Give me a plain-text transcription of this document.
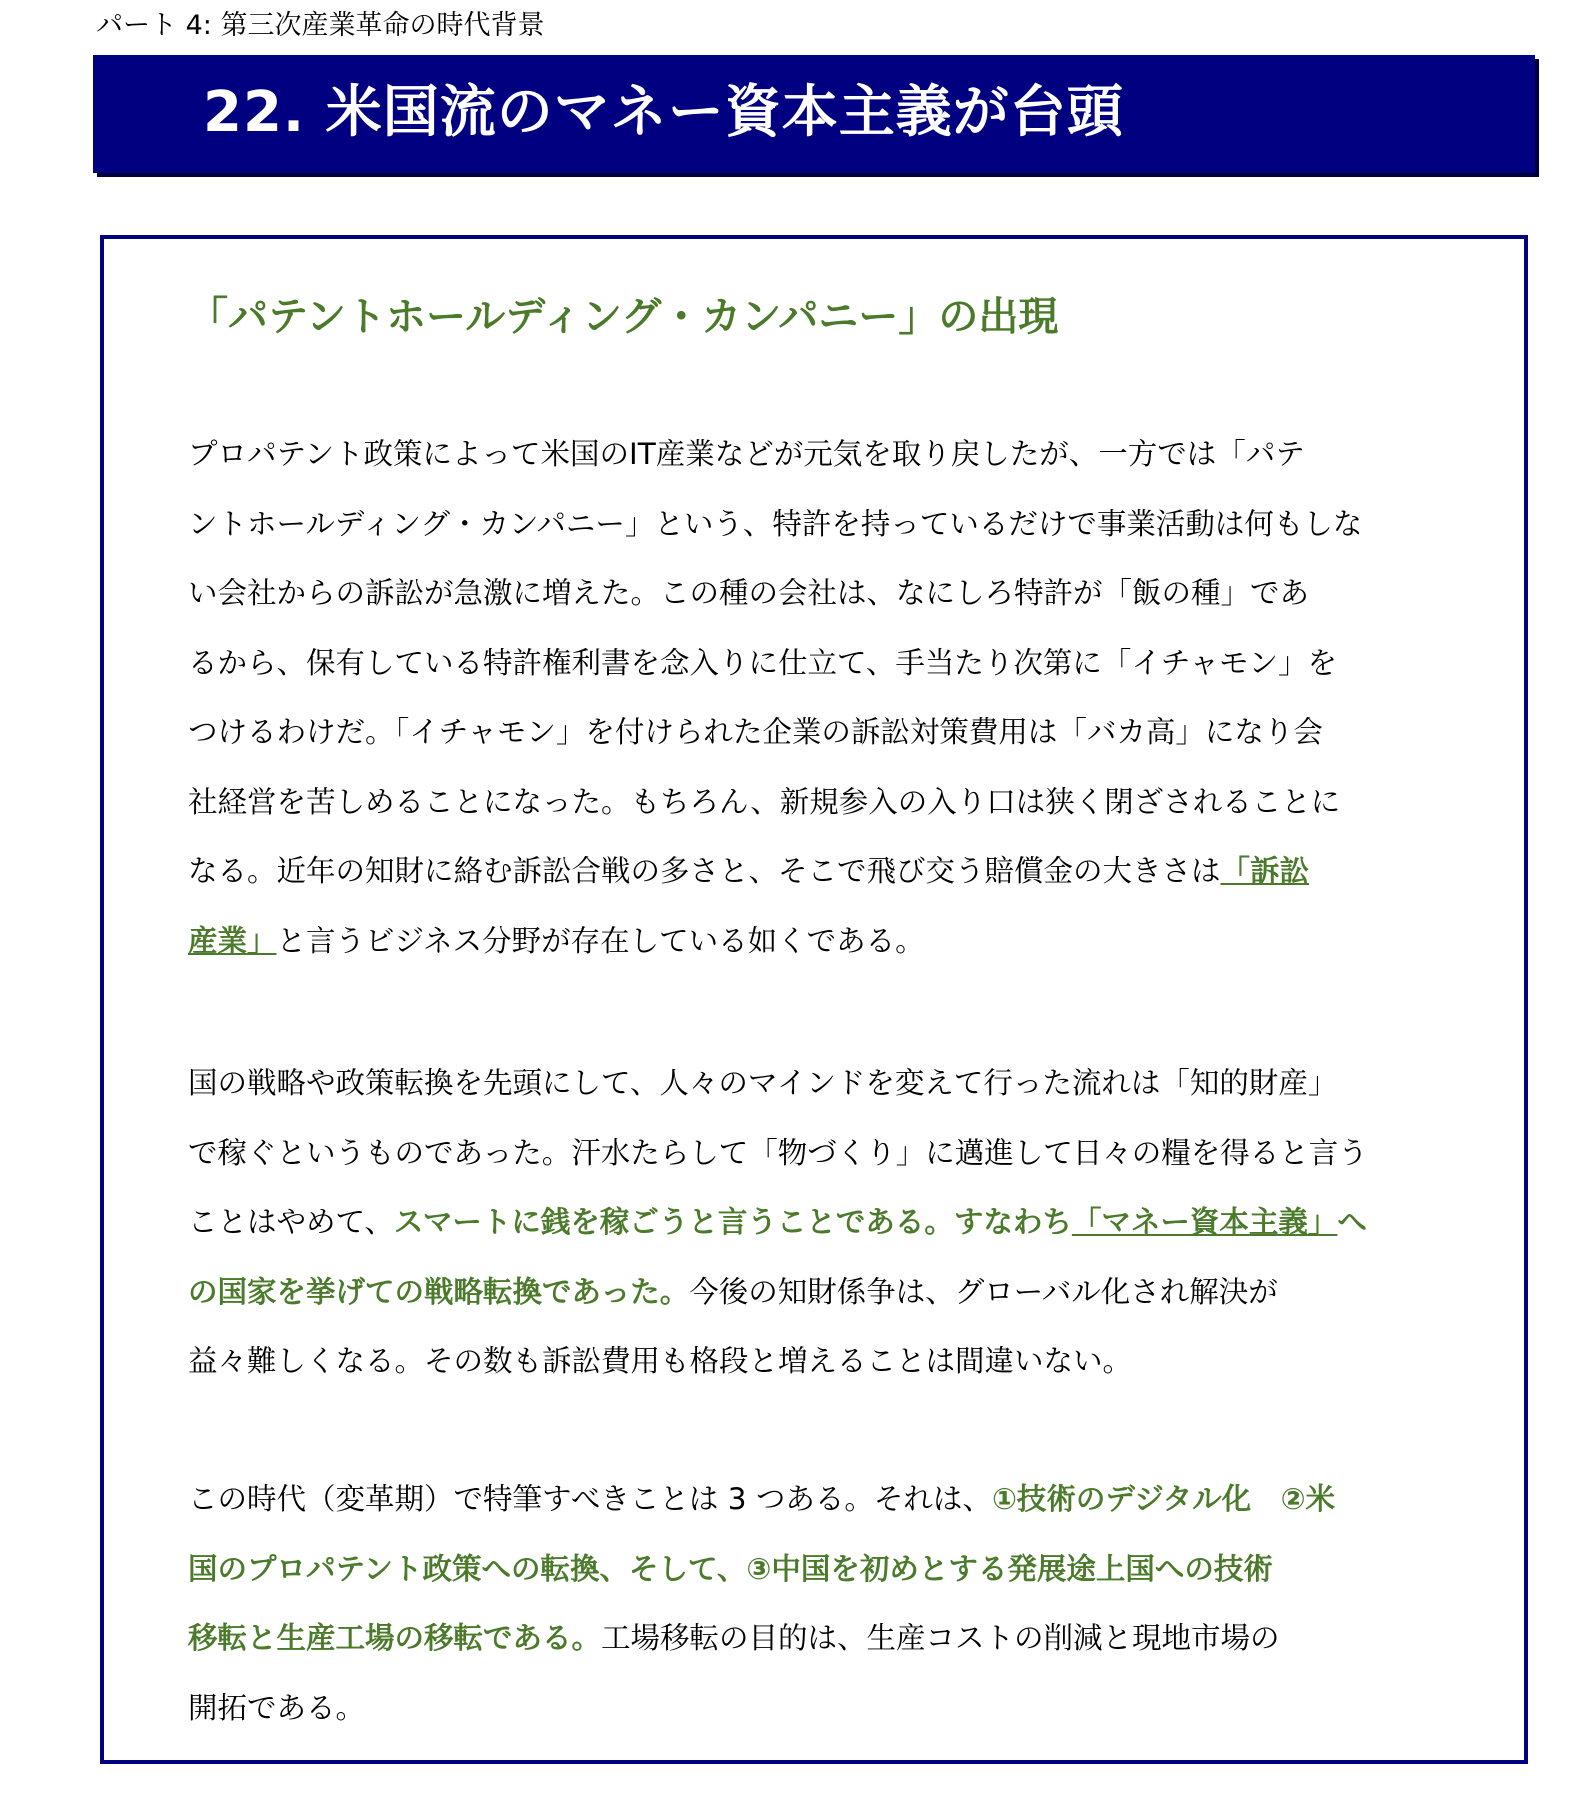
パート 4: 第三次産業革命の時代背景
22. 米国流のマネー資本主義が台頭
「パテントホールディング・カンパニー」の出現
プロパテント政策によって米国のIT産業などが元気を取り戻したが、一方では「パテ
ントホールディング・カンパニー」という、特許を持っているだけで事業活動は何もしな
い会社からの訴訟が急激に増えた。この種の会社は、なにしろ特許が「飯の種」であ
るから、保有している特許権利書を念入りに仕立て、手当たり次第に「イチャモン」を
つけるわけだ。「イチャモン」を付けられた企業の訴訟対策費用は「バカ高」になり会
社経営を苦しめることになった。もちろん、新規参入の入り口は狭く閉ざされることに
なる。近年の知財に絡む訴訟合戦の多さと、そこで飛び交う賠償金の大きさは「訴訟
産業」と言うビジネス分野が存在している如くである。
国の戦略や政策転換を先頭にして、人々のマインドを変えて行った流れは「知的財産」
で稼ぐというものであった。汗水たらして「物づくり」に邁進して日々の糧を得ると言う
ことはやめて、スマートに銭を稼ごうと言うことである。すなわち「マネー資本主義」へ
の国家を挙げての戦略転換であった。今後の知財係争は、グローバル化され解決が
益々難しくなる。その数も訴訟費用も格段と増えることは間違いない。
この時代（変革期）で特筆すべきことは 3 つある。それは、①技術のデジタル化　②米
国のプロパテント政策への転換、そして、③中国を初めとする発展途上国への技術
移転と生産工場の移転である。工場移転の目的は、生産コストの削減と現地市場の
開拓である。
